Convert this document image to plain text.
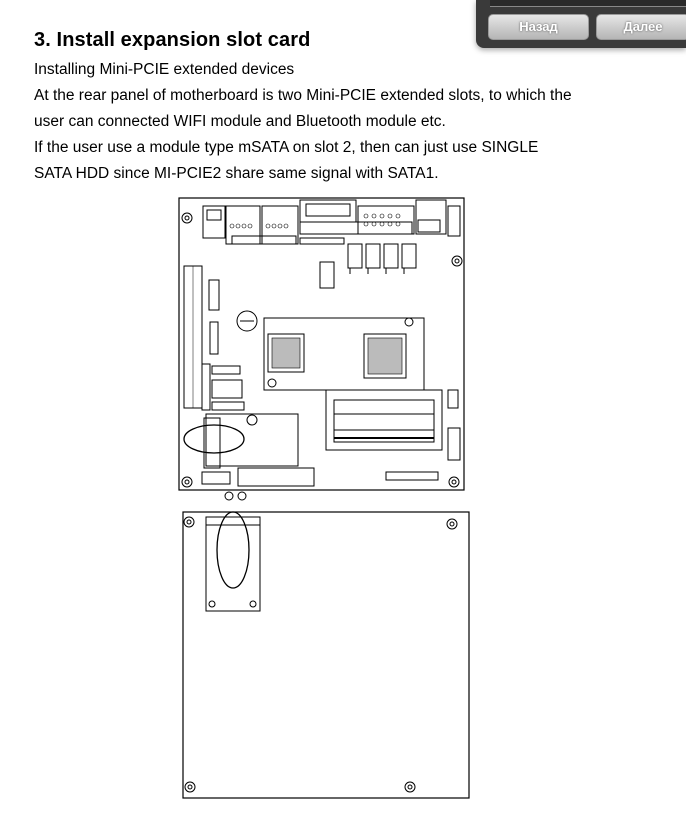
Назад	Далее
3. Install expansion slot card

Installing Mini-PCIE extended devices

At the rear panel of motherboard is two Mini-PCIE extended slots, to which the

user can connected WIFI module and Bluetooth module etc.

If the user use a module type mSATA on slot 2, then can just use SINGLE

SATA HDD since MI-PCIE2 share same signal with SATA1.
